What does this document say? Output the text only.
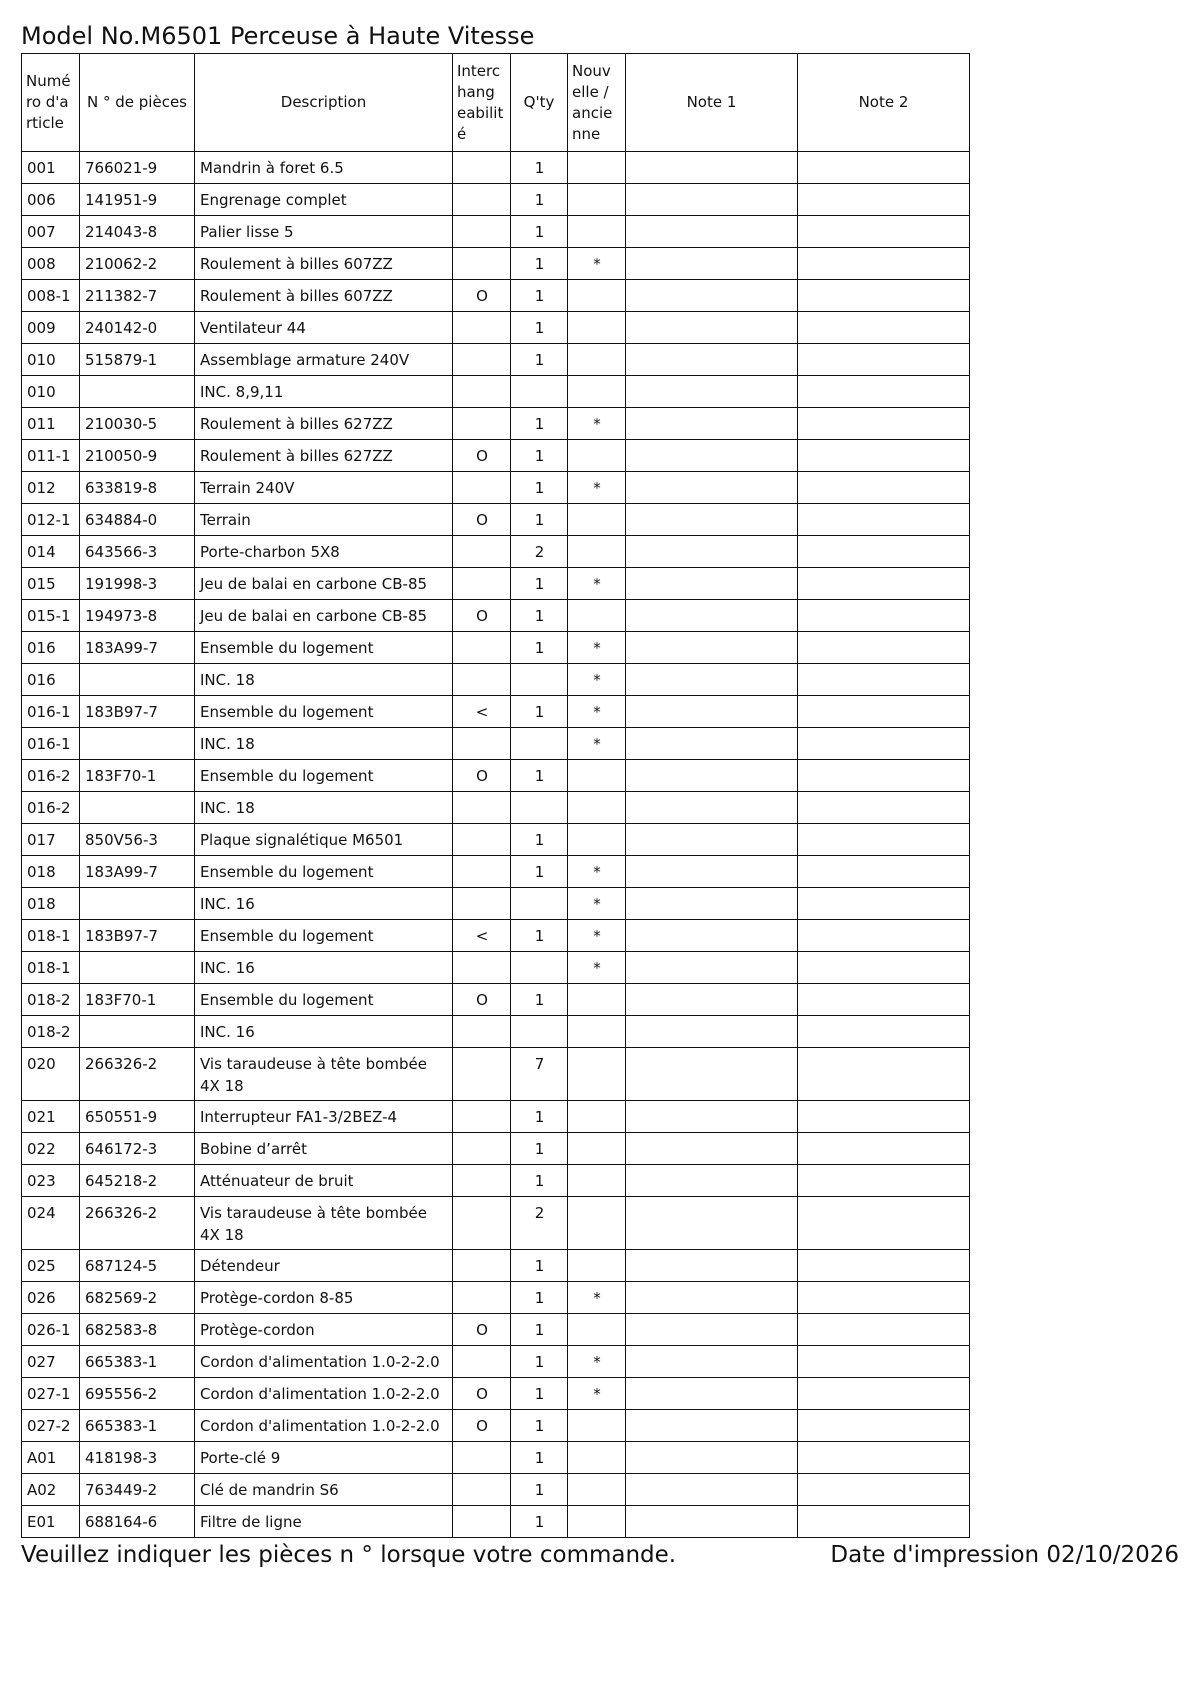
Model No.M6501 Perceuse à Haute Vitesse
Numé ro d'a rticle	N ° de pièces	Description	Interc hang eabilit é	Q'ty	Nouv elle / ancie nne	Note 1	Note 2

001	766021-9	Mandrin à foret 6.5		1			
006	141951-9	Engrenage complet		1			
007	214043-8	Palier lisse 5		1			
008	210062-2	Roulement à billes 607ZZ		1	*		
008-1	211382-7	Roulement à billes 607ZZ	O	1			
009	240142-0	Ventilateur 44		1			
010	515879-1	Assemblage armature 240V		1			
010		INC. 8,9,11					
011	210030-5	Roulement à billes 627ZZ		1	*		
011-1	210050-9	Roulement à billes 627ZZ	O	1			
012	633819-8	Terrain 240V		1	*		
012-1	634884-0	Terrain	O	1			
014	643566-3	Porte-charbon 5X8		2			
015	191998-3	Jeu de balai en carbone CB-85		1	*		
015-1	194973-8	Jeu de balai en carbone CB-85	O	1			
016	183A99-7	Ensemble du logement		1	*		
016		INC. 18			*		
016-1	183B97-7	Ensemble du logement	<	1	*		
016-1		INC. 18			*		
016-2	183F70-1	Ensemble du logement	O	1			
016-2		INC. 18					
017	850V56-3	Plaque signalétique M6501		1			
018	183A99-7	Ensemble du logement		1	*		
018		INC. 16			*		
018-1	183B97-7	Ensemble du logement	<	1	*		
018-1		INC. 16			*		
018-2	183F70-1	Ensemble du logement	O	1			
018-2		INC. 16					
020	266326-2	Vis taraudeuse à tête bombée 4X 18		7			
021	650551-9	Interrupteur FA1-3/2BEZ-4		1			
022	646172-3	Bobine d’arrêt		1			
023	645218-2	Atténuateur de bruit		1			
024	266326-2	Vis taraudeuse à tête bombée 4X 18		2			
025	687124-5	Détendeur		1			
026	682569-2	Protège-cordon 8-85		1	*		
026-1	682583-8	Protège-cordon	O	1			
027	665383-1	Cordon d'alimentation 1.0-2-2.0		1	*		
027-1	695556-2	Cordon d'alimentation 1.0-2-2.0	O	1	*		
027-2	665383-1	Cordon d'alimentation 1.0-2-2.0	O	1			
A01	418198-3	Porte-clé 9		1			
A02	763449-2	Clé de mandrin S6		1			
E01	688164-6	Filtre de ligne		1			
Veuillez indiquer les pièces n ° lorsque votre commande.	Date d'impression 02/10/2026
